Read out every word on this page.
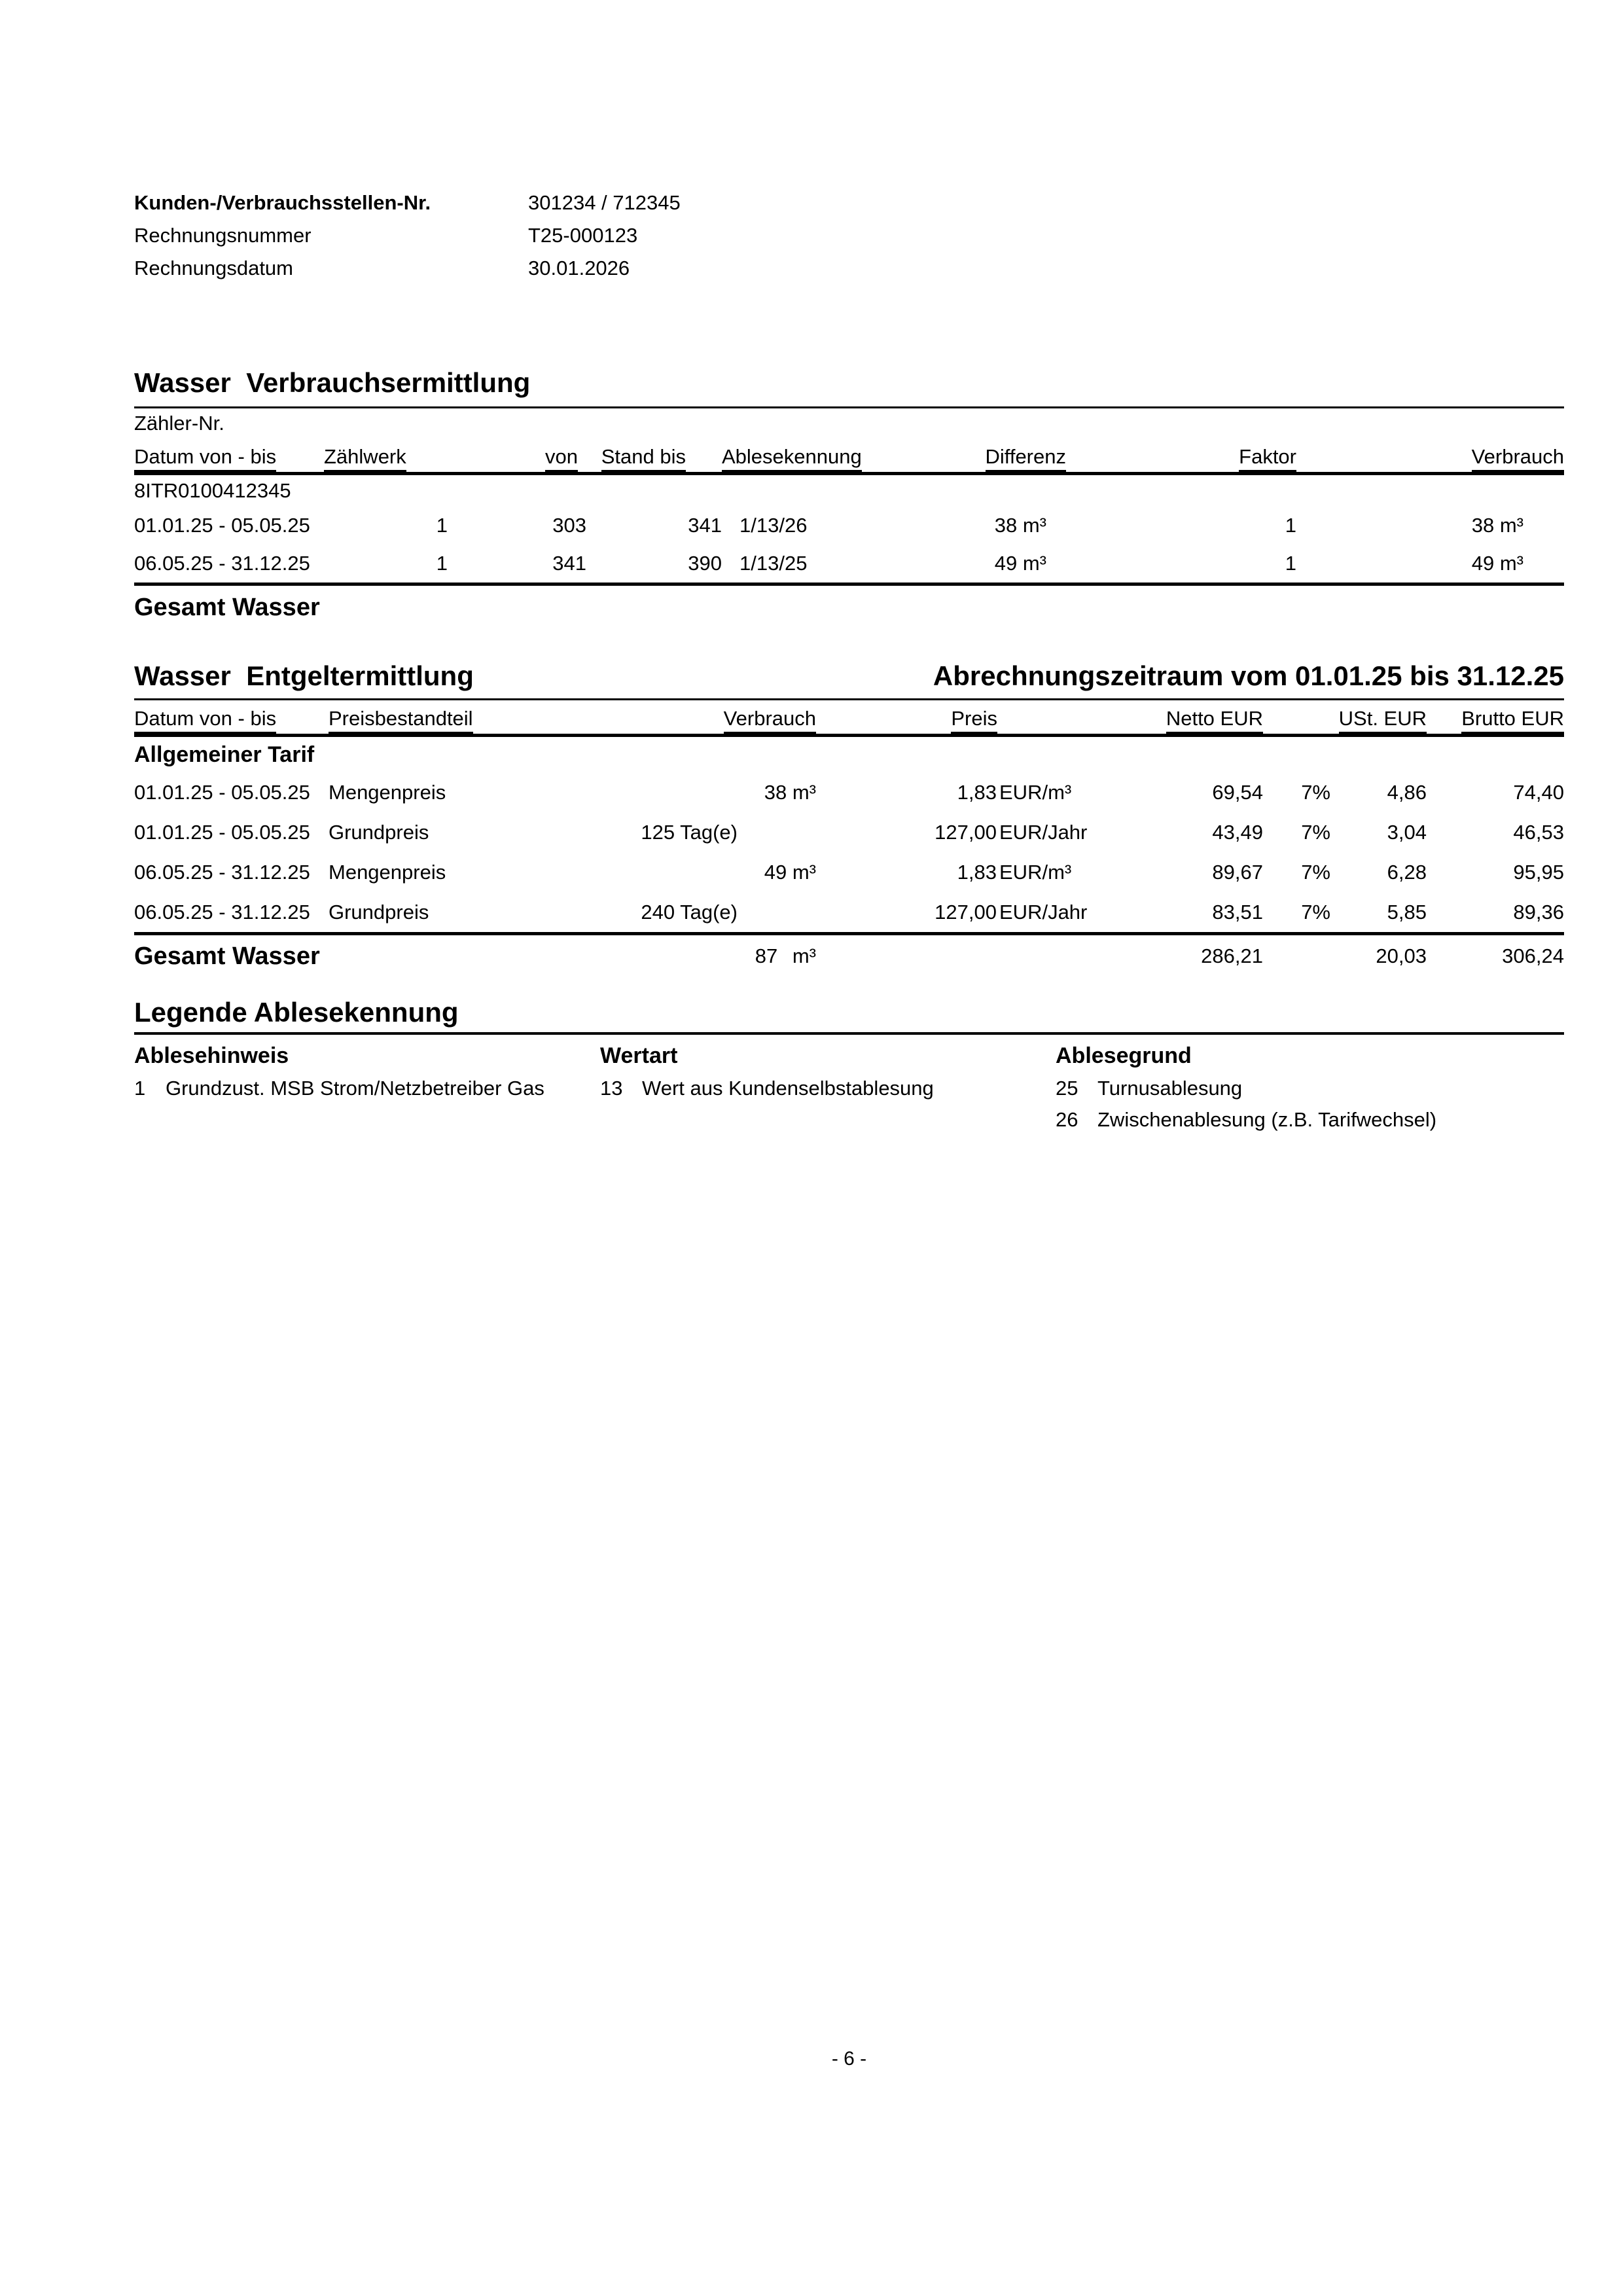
Kunden-/Verbrauchsstellen-Nr.	301234 / 712345
Rechnungsnummer	T25-000123
Rechnungsdatum	30.01.2026
Wasser  Verbrauchsermittlung
Zähler-Nr.
Datum von - bis	Zählwerk	von	Stand bis	Ablesekennung	Differenz	Faktor	Verbrauch
8ITR0100412345							
01.01.25 - 05.05.25	1	303	341	1/13/26	38 m³	1	38 m³
06.05.25 - 31.12.25	1	341	390	1/13/25	49 m³	1	49 m³
Gesamt Wasser							
Wasser  Entgeltermittlung	Abrechnungszeitraum vom 01.01.25 bis 31.12.25
Datum von - bis	Preisbestandteil	Verbrauch	Preis	Netto EUR		USt. EUR	Brutto EUR
Allgemeiner Tarif							
01.01.25 - 05.05.25	Mengenpreis	38 m³	1,83 EUR/m³	69,54	7%	4,86	74,40
01.01.25 - 05.05.25	Grundpreis	125 Tag(e)	127,00 EUR/Jahr	43,49	7%	3,04	46,53
06.05.25 - 31.12.25	Mengenpreis	49 m³	1,83 EUR/m³	89,67	7%	6,28	95,95
06.05.25 - 31.12.25	Grundpreis	240 Tag(e)	127,00 EUR/Jahr	83,51	7%	5,85	89,36
Gesamt Wasser		87 m³		286,21		20,03	306,24
Legende Ablesekennung
Ablesehinweis
1 Grundzust. MSB Strom/Netzbetreiber Gas
Wertart
13 Wert aus Kundenselbstablesung
Ablesegrund
25 Turnusablesung
26 Zwischenablesung (z.B. Tarifwechsel)
- 6 -
